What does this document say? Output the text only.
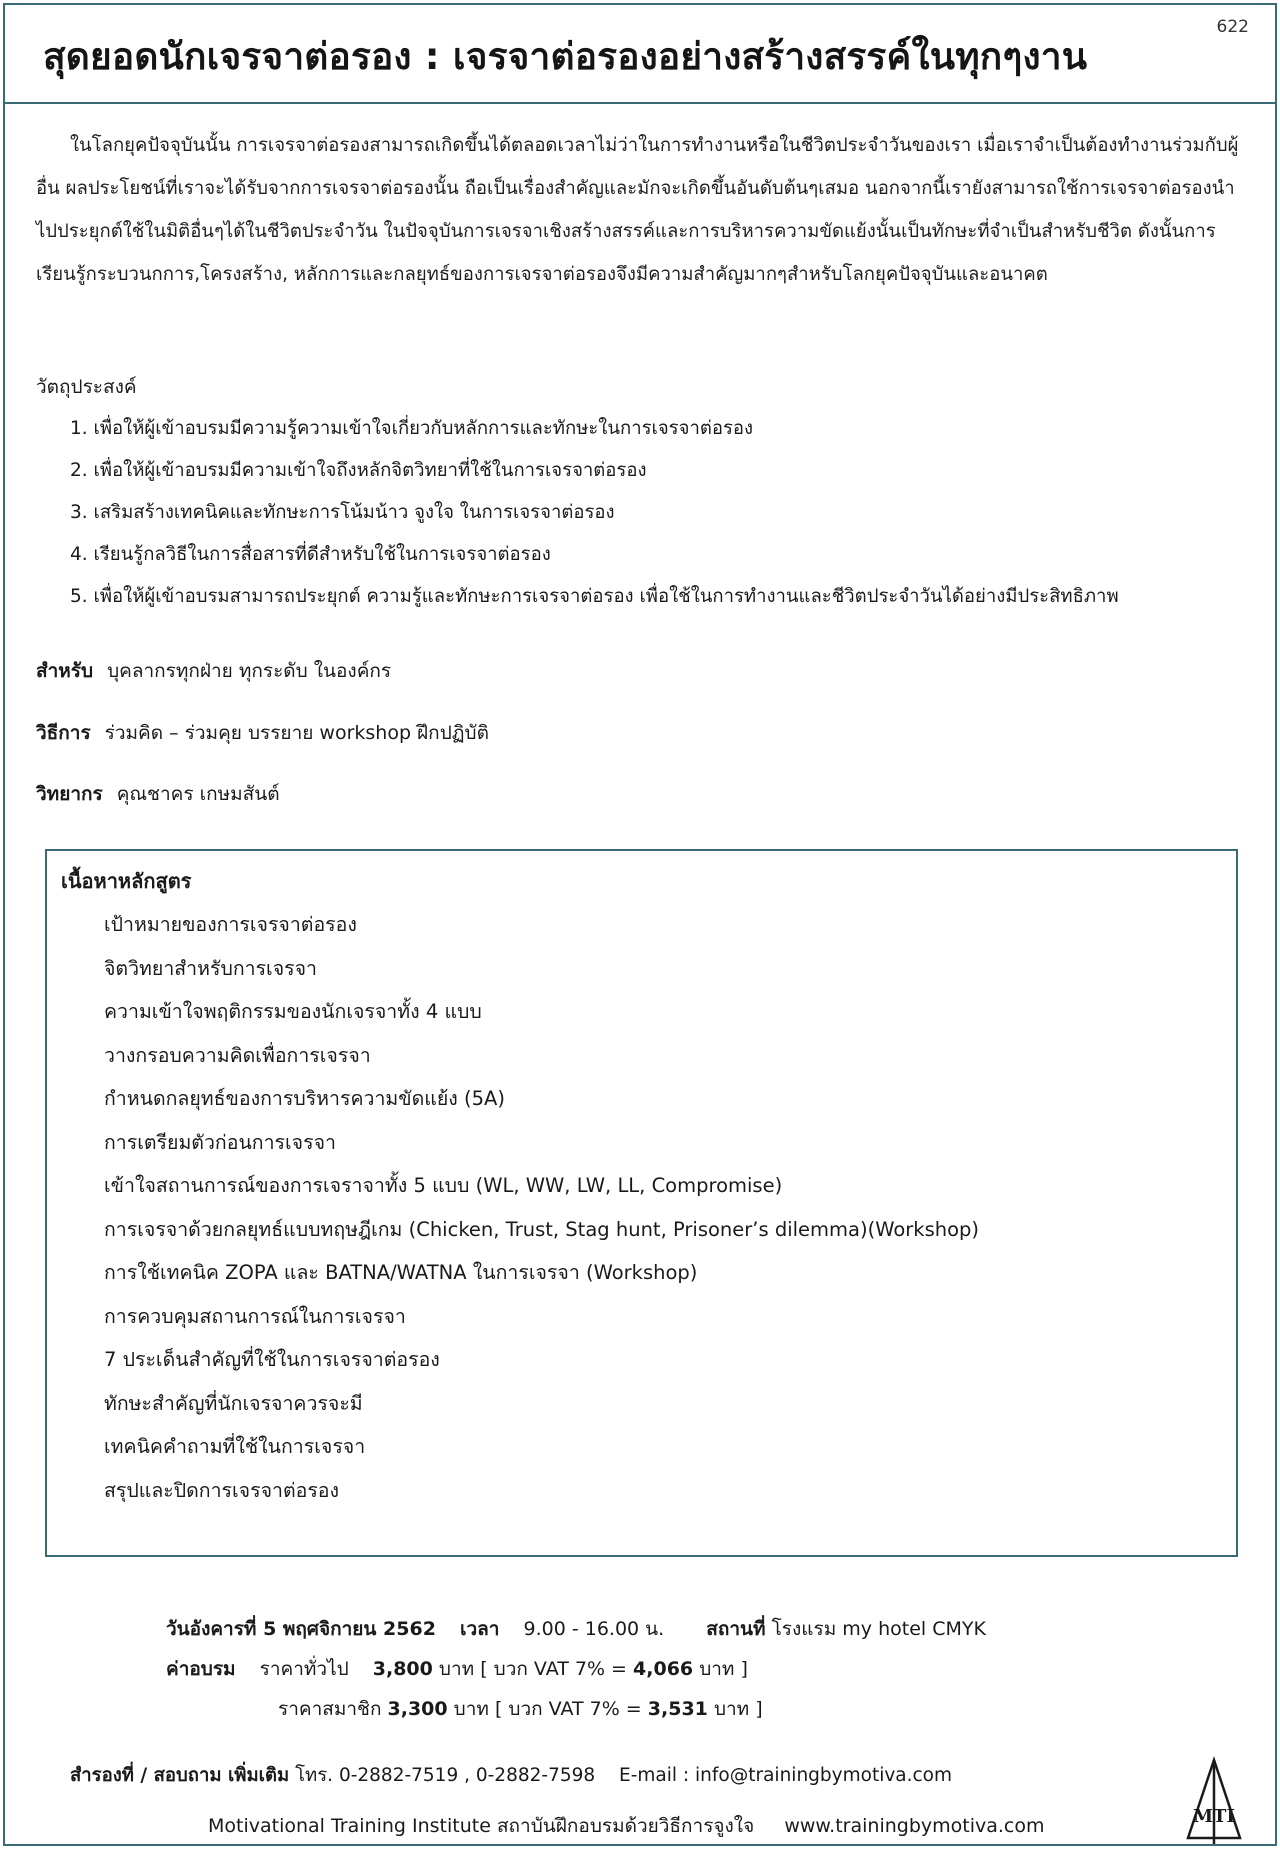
สุดยอดนักเจรจาต่อรอง : เจรจาต่อรองอย่างสร้างสรรค์ในทุกๆงาน
622

ในโลกยุคปัจจุบันนั้น การเจรจาต่อรองสามารถเกิดขึ้นได้ตลอดเวลาไม่ว่าในการทำงานหรือในชีวิตประจำวันของเรา เมื่อเราจำเป็นต้องทำงานร่วมกับผู้อื่น ผลประโยชน์ที่เราจะได้รับจากการเจรจาต่อรองนั้น ถือเป็นเรื่องสำคัญและมักจะเกิดขึ้นอันดับต้นๆเสมอ นอกจากนี้เรายังสามารถใช้การเจรจาต่อรองนำไปประยุกต์ใช้ในมิติอื่นๆได้ในชีวิตประจำวัน ในปัจจุบันการเจรจาเชิงสร้างสรรค์และการบริหารความขัดแย้งนั้นเป็นทักษะที่จำเป็นสำหรับชีวิต ดังนั้นการเรียนรู้กระบวนกการ,โครงสร้าง, หลักการและกลยุทธ์ของการเจรจาต่อรองจึงมีความสำคัญมากๆสำหรับโลกยุคปัจจุบันและอนาคต

วัตถุประสงค์
1. เพื่อให้ผู้เข้าอบรมมีความรู้ความเข้าใจเกี่ยวกับหลักการและทักษะในการเจรจาต่อรอง
2. เพื่อให้ผู้เข้าอบรมมีความเข้าใจถึงหลักจิตวิทยาที่ใช้ในการเจรจาต่อรอง
3. เสริมสร้างเทคนิคและทักษะการโน้มน้าว จูงใจ ในการเจรจาต่อรอง
4. เรียนรู้กลวิธีในการสื่อสารที่ดีสำหรับใช้ในการเจรจาต่อรอง
5. เพื่อให้ผู้เข้าอบรมสามารถประยุกต์ ความรู้และทักษะการเจรจาต่อรอง เพื่อใช้ในการทำงานและชีวิตประจำวันได้อย่างมีประสิทธิภาพ
สำหรับ บุคลากรทุกฝ่าย ทุกระดับ ในองค์กร
วิธีการ ร่วมคิด – ร่วมคุย บรรยาย workshop ฝึกปฏิบัติ
วิทยากร คุณชาคร เกษมสันต์
เนื้อหาหลักสูตร
เป้าหมายของการเจรจาต่อรอง
จิตวิทยาสำหรับการเจรจา
ความเข้าใจพฤติกรรมของนักเจรจาทั้ง 4 แบบ
วางกรอบความคิดเพื่อการเจรจา
กำหนดกลยุทธ์ของการบริหารความขัดแย้ง (5A)
การเตรียมตัวก่อนการเจรจา
เข้าใจสถานการณ์ของการเจราจาทั้ง 5 แบบ (WL, WW, LW, LL, Compromise)
การเจรจาด้วยกลยุทธ์แบบทฤษฎีเกม (Chicken, Trust, Stag hunt, Prisoner’s dilemma)(Workshop)
การใช้เทคนิค ZOPA และ BATNA/WATNA ในการเจรจา (Workshop)
การควบคุมสถานการณ์ในการเจรจา
7 ประเด็นสำคัญที่ใช้ในการเจรจาต่อรอง
ทักษะสำคัญที่นักเจรจาควรจะมี
เทคนิคคำถามที่ใช้ในการเจรจา
สรุปและปิดการเจรจาต่อรอง
วันอังคารที่ 5 พฤศจิกายน 2562 เวลา 9.00 - 16.00 น. สถานที่ โรงแรม my hotel CMYK
ค่าอบรม ราคาทั่วไป 3,800 บาท [ บวก VAT 7% = 4,066 บาท ]
ราคาสมาชิก 3,300 บาท [ บวก VAT 7% = 3,531 บาท ]
สำรองที่ / สอบถาม เพิ่มเติม โทร. 0-2882-7519 , 0-2882-7598 E-mail : info@trainingbymotiva.com
Motivational Training Institute สถาบันฝึกอบรมด้วยวิธีการจูงใจ www.trainingbymotiva.com	MTI
